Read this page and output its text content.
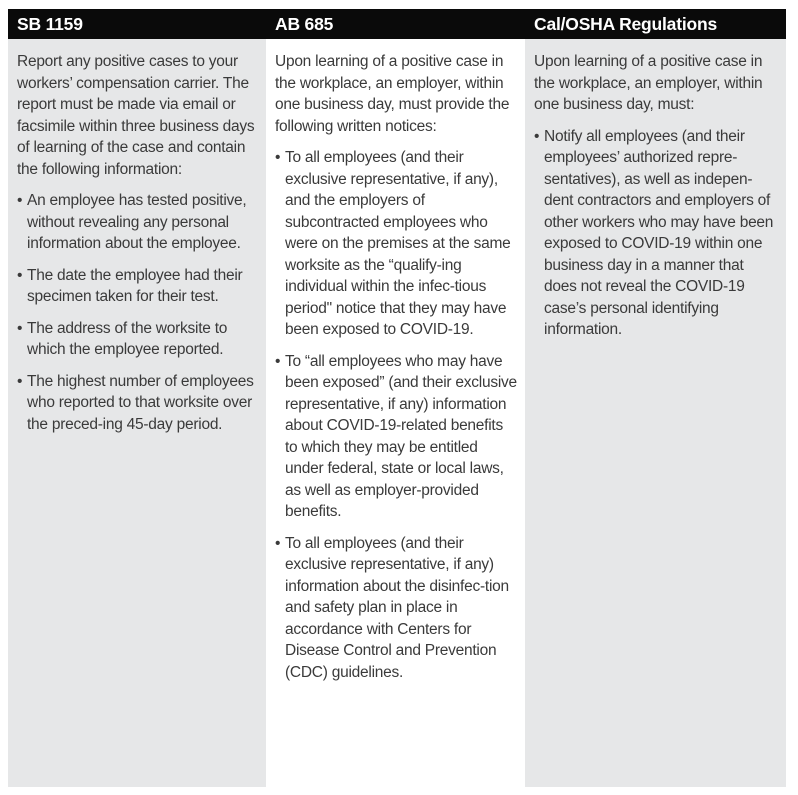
SB 1159	AB 685	Cal/OSHA Regulations

Report any positive cases to your workers’ compensation carrier. The report must be made via email or facsimile within three business days of learning of the case and contain the following information:

• An employee has tested positive, without revealing any personal information about the employee.
• The date the employee had their specimen taken for their test.
• The address of the worksite to which the employee reported.
• The highest number of employees who reported to that worksite over the preced-ing 45-day period.

Upon learning of a positive case in the workplace, an employer, within one business day, must provide the following written notices:

• To all employees (and their exclusive representative, if any), and the employers of subcontracted employees who were on the premises at the same worksite as the “qualify-ing individual within the infec-tious period" notice that they may have been exposed to COVID-19.
• To “all employees who may have been exposed” (and their exclusive representative, if any) information about COVID-19-related benefits to which they may be entitled under federal, state or local laws, as well as employer-provided benefits.
• To all employees (and their exclusive representative, if any) information about the disinfec-tion and safety plan in place in accordance with Centers for Disease Control and Prevention (CDC) guidelines.

Upon learning of a positive case in the workplace, an employer, within one business day, must:

• Notify all employees (and their employees’ authorized repre-sentatives), as well as indepen-dent contractors and employers of other workers who may have been exposed to COVID-19 within one business day in a manner that does not reveal the COVID-19 case’s personal identifying information.
